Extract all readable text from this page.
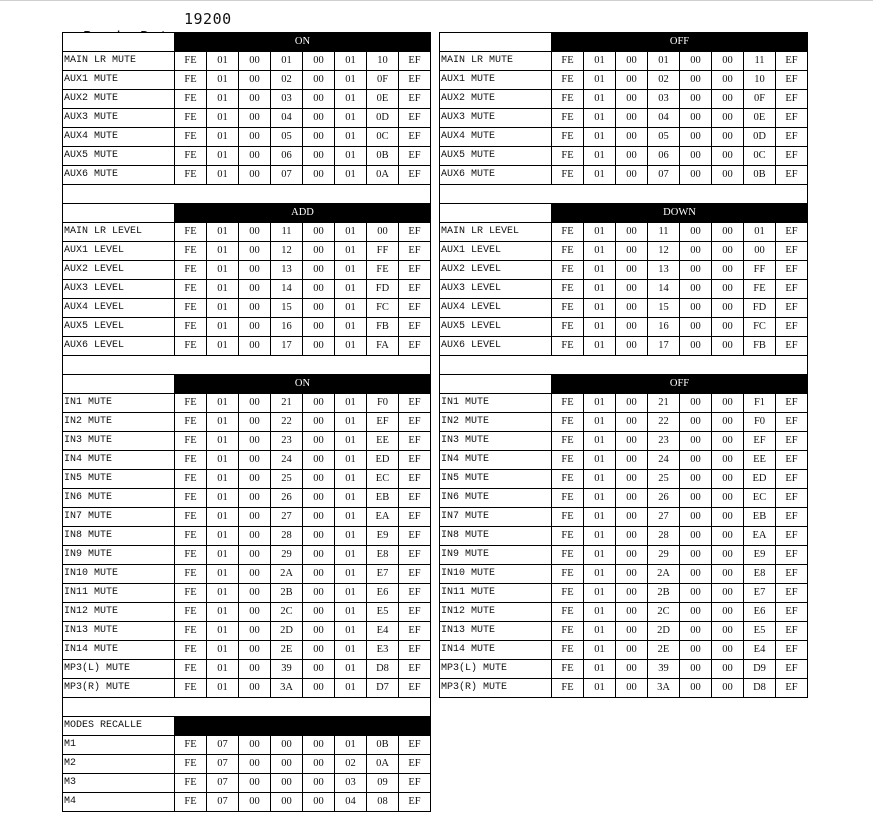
19200

	ON							
MAIN LR MUTE	FE	01	00	01	00	01	10	EF
AUX1 MUTE	FE	01	00	02	00	01	0F	EF
AUX2 MUTE	FE	01	00	03	00	01	0E	EF
AUX3 MUTE	FE	01	00	04	00	01	0D	EF
AUX4 MUTE	FE	01	00	05	00	01	0C	EF
AUX5 MUTE	FE	01	00	06	00	01	0B	EF
AUX6 MUTE	FE	01	00	07	00	01	0A	EF

	ADD							
MAIN LR LEVEL	FE	01	00	11	00	01	00	EF
AUX1 LEVEL	FE	01	00	12	00	01	FF	EF
AUX2 LEVEL	FE	01	00	13	00	01	FE	EF
AUX3 LEVEL	FE	01	00	14	00	01	FD	EF
AUX4 LEVEL	FE	01	00	15	00	01	FC	EF
AUX5 LEVEL	FE	01	00	16	00	01	FB	EF
AUX6 LEVEL	FE	01	00	17	00	01	FA	EF

	ON							
IN1 MUTE	FE	01	00	21	00	01	F0	EF
IN2 MUTE	FE	01	00	22	00	01	EF	EF
IN3 MUTE	FE	01	00	23	00	01	EE	EF
IN4 MUTE	FE	01	00	24	00	01	ED	EF
IN5 MUTE	FE	01	00	25	00	01	EC	EF
IN6 MUTE	FE	01	00	26	00	01	EB	EF
IN7 MUTE	FE	01	00	27	00	01	EA	EF
IN8 MUTE	FE	01	00	28	00	01	E9	EF
IN9 MUTE	FE	01	00	29	00	01	E8	EF
IN10 MUTE	FE	01	00	2A	00	01	E7	EF
IN11 MUTE	FE	01	00	2B	00	01	E6	EF
IN12 MUTE	FE	01	00	2C	00	01	E5	EF
IN13 MUTE	FE	01	00	2D	00	01	E4	EF
IN14 MUTE	FE	01	00	2E	00	01	E3	EF
MP3(L) MUTE	FE	01	00	39	00	01	D8	EF
MP3(R) MUTE	FE	01	00	3A	00	01	D7	EF

MODES RECALLE								
M1	FE	07	00	00	00	01	0B	EF
M2	FE	07	00	00	00	02	0A	EF
M3	FE	07	00	00	00	03	09	EF
M4	FE	07	00	00	00	04	08	EF
	OFF							
MAIN LR MUTE	FE	01	00	01	00	00	11	EF
AUX1 MUTE	FE	01	00	02	00	00	10	EF
AUX2 MUTE	FE	01	00	03	00	00	0F	EF
AUX3 MUTE	FE	01	00	04	00	00	0E	EF
AUX4 MUTE	FE	01	00	05	00	00	0D	EF
AUX5 MUTE	FE	01	00	06	00	00	0C	EF
AUX6 MUTE	FE	01	00	07	00	00	0B	EF

	DOWN							
MAIN LR LEVEL	FE	01	00	11	00	00	01	EF
AUX1 LEVEL	FE	01	00	12	00	00	00	EF
AUX2 LEVEL	FE	01	00	13	00	00	FF	EF
AUX3 LEVEL	FE	01	00	14	00	00	FE	EF
AUX4 LEVEL	FE	01	00	15	00	00	FD	EF
AUX5 LEVEL	FE	01	00	16	00	00	FC	EF
AUX6 LEVEL	FE	01	00	17	00	00	FB	EF

	OFF							
IN1 MUTE	FE	01	00	21	00	00	F1	EF
IN2 MUTE	FE	01	00	22	00	00	F0	EF
IN3 MUTE	FE	01	00	23	00	00	EF	EF
IN4 MUTE	FE	01	00	24	00	00	EE	EF
IN5 MUTE	FE	01	00	25	00	00	ED	EF
IN6 MUTE	FE	01	00	26	00	00	EC	EF
IN7 MUTE	FE	01	00	27	00	00	EB	EF
IN8 MUTE	FE	01	00	28	00	00	EA	EF
IN9 MUTE	FE	01	00	29	00	00	E9	EF
IN10 MUTE	FE	01	00	2A	00	00	E8	EF
IN11 MUTE	FE	01	00	2B	00	00	E7	EF
IN12 MUTE	FE	01	00	2C	00	00	E6	EF
IN13 MUTE	FE	01	00	2D	00	00	E5	EF
IN14 MUTE	FE	01	00	2E	00	00	E4	EF
MP3(L) MUTE	FE	01	00	39	00	00	D9	EF
MP3(R) MUTE	FE	01	00	3A	00	00	D8	EF
